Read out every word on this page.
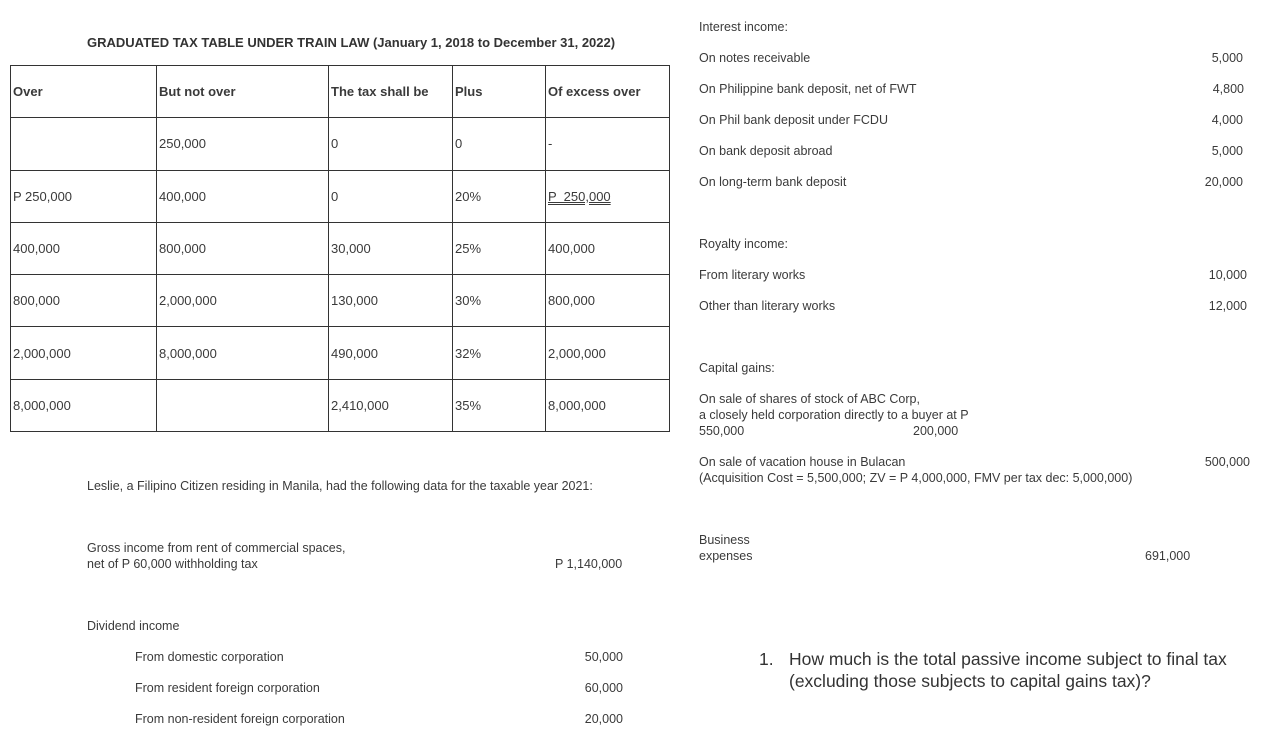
GRADUATED TAX TABLE UNDER TRAIN LAW (January 1, 2018 to December 31, 2022)
Over	But not over	The tax shall be	Plus	Of excess over
	250,000	0	0	-
P 250,000	400,000	0	20%	P  250,000
400,000	800,000	30,000	25%	400,000
800,000	2,000,000	130,000	30%	800,000
2,000,000	8,000,000	490,000	32%	2,000,000
8,000,000		2,410,000	35%	8,000,000
Leslie, a Filipino Citizen residing in Manila, had the following data for the taxable year 2021:
Gross income from rent of commercial spaces,
net of P 60,000 withholding tax	P 1,140,000
Dividend income
From domestic corporation	50,000
From resident foreign corporation	60,000
From non-resident foreign corporation	20,000
Interest income:
On notes receivable	5,000
On Philippine bank deposit, net of FWT	4,800
On Phil bank deposit under FCDU	4,000
On bank deposit abroad	5,000
On long-term bank deposit	20,000
Royalty income:
From literary works	10,000
Other than literary works	12,000
Capital gains:
On sale of shares of stock of ABC Corp,
a closely held corporation directly to a buyer at P
550,000	200,000
On sale of vacation house in Bulacan
(Acquisition Cost = 5,500,000; ZV = P 4,000,000, FMV per tax dec: 5,000,000)
500,000
Business
expenses	691,000
1. How much is the total passive income subject to final tax
(excluding those subjects to capital gains tax)?
